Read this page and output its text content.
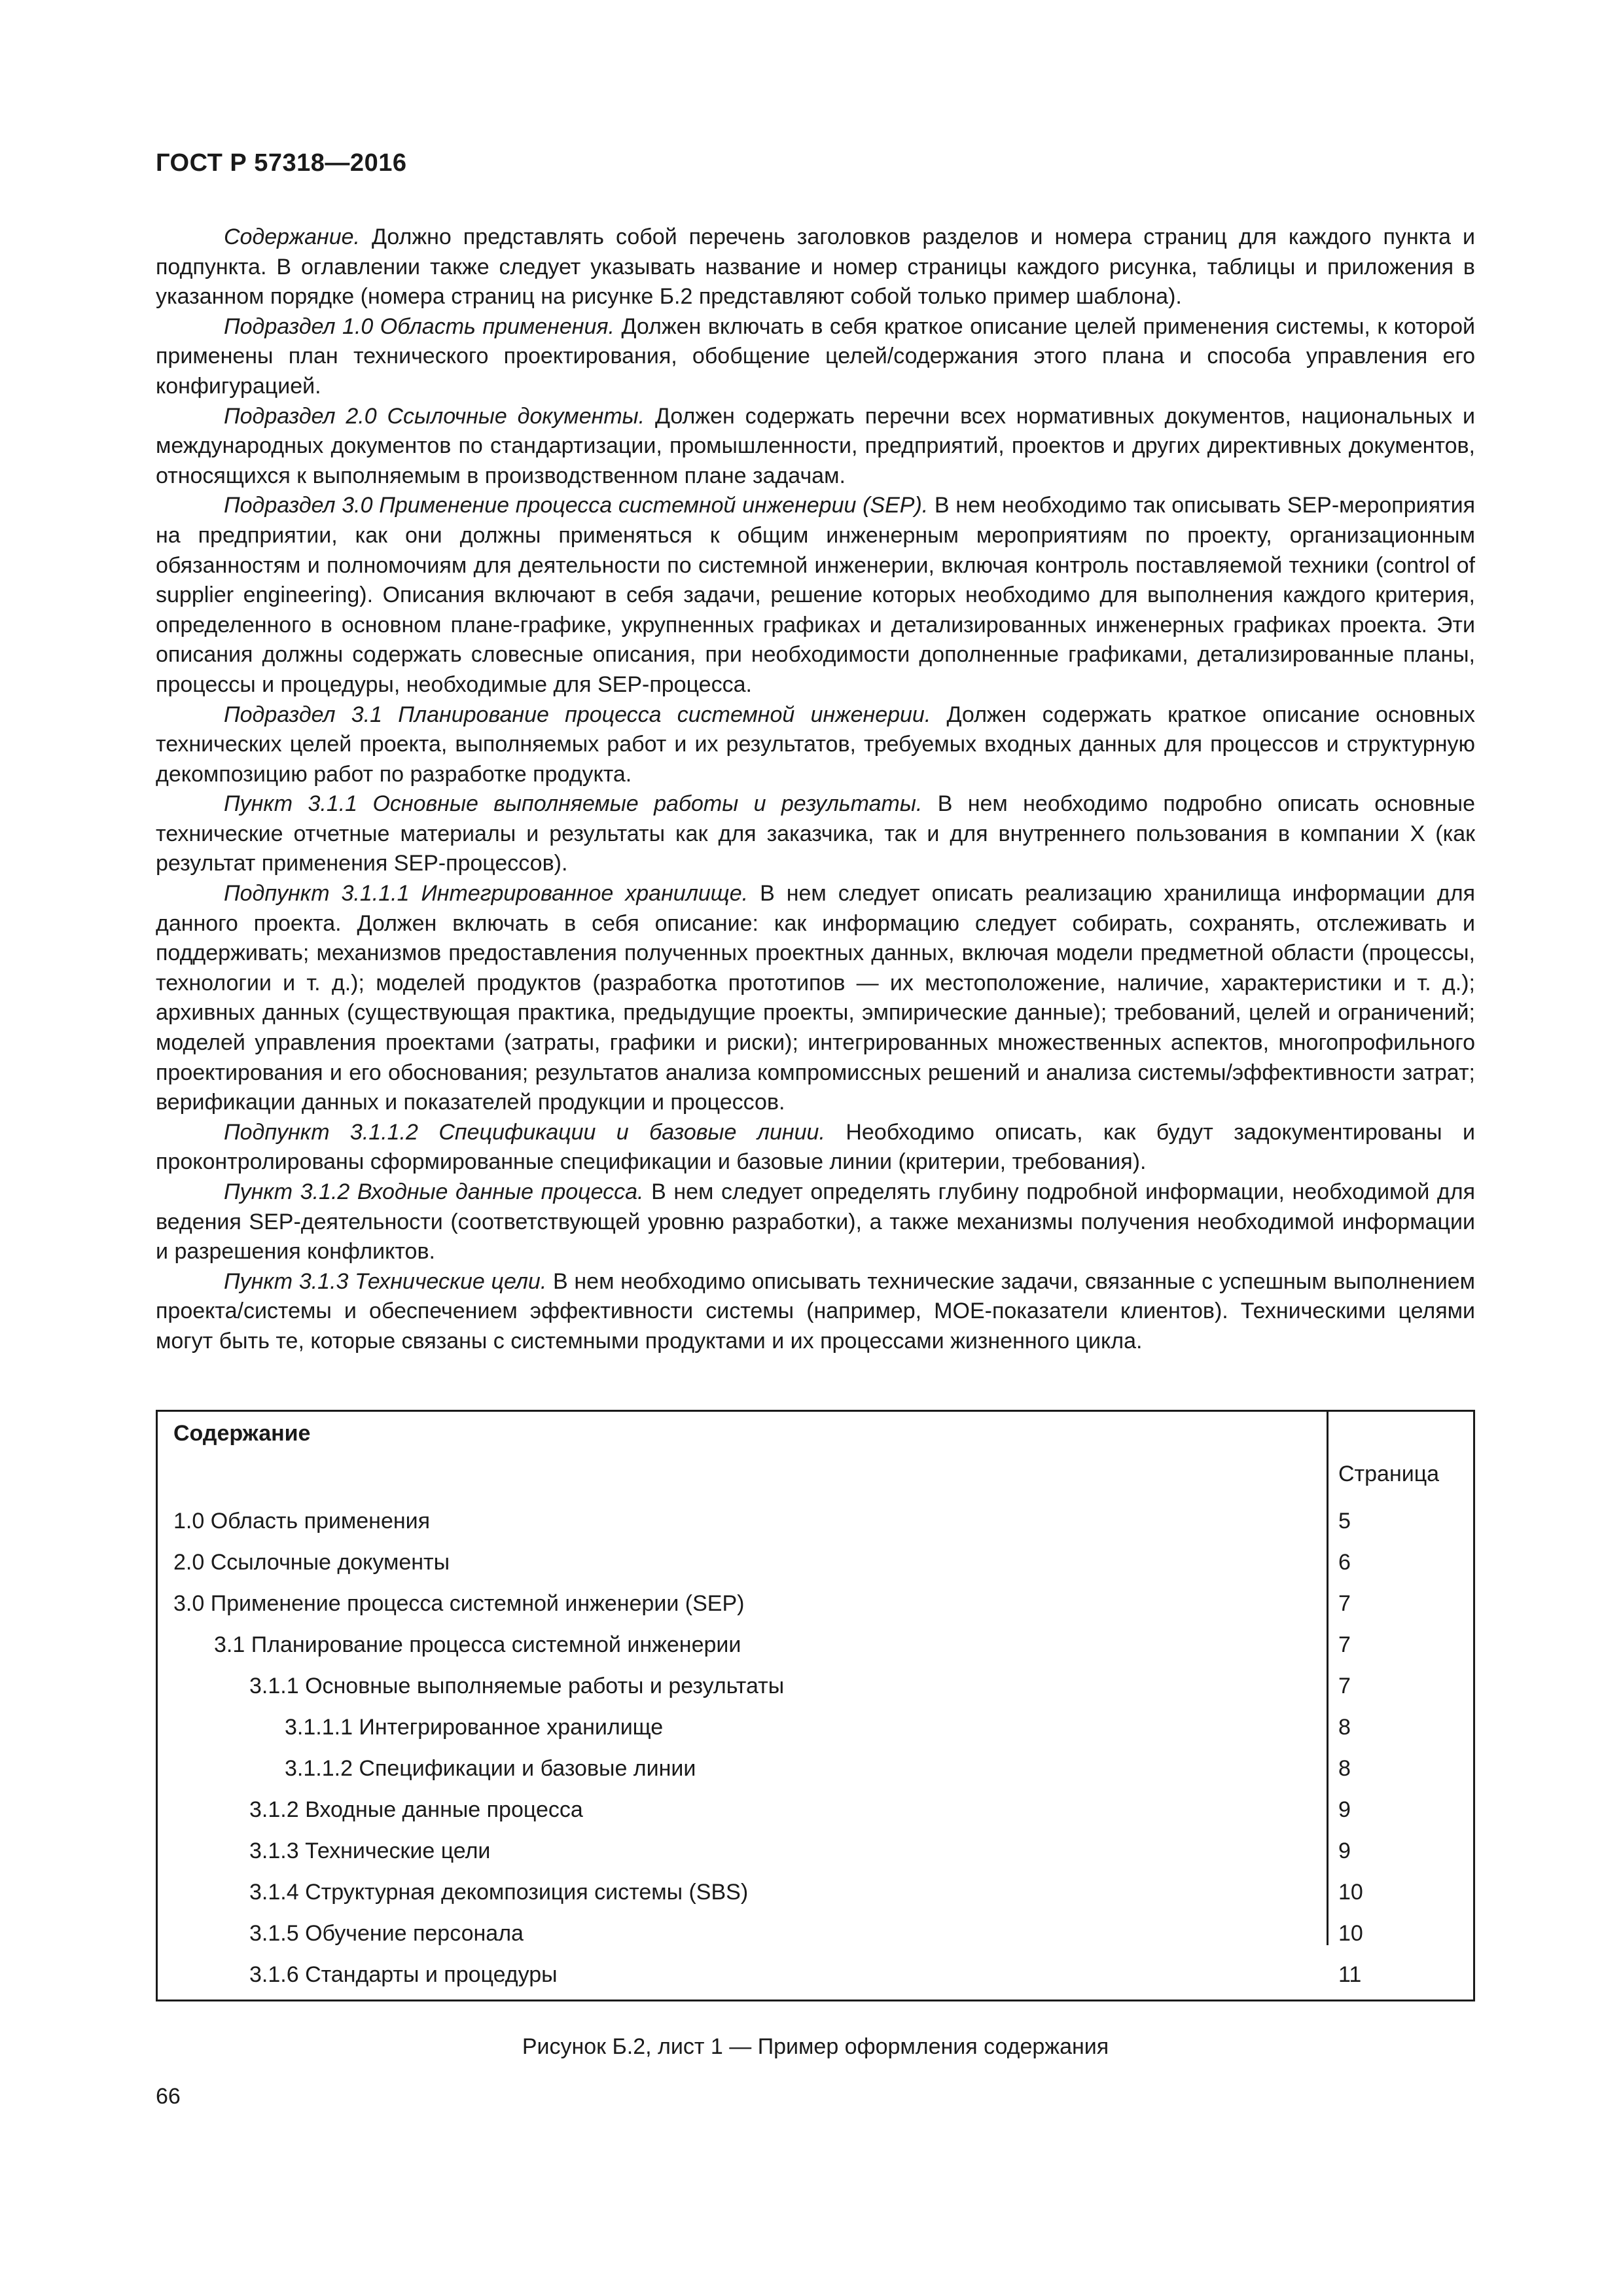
ГОСТ Р 57318—2016

Содержание. Должно представлять собой перечень заголовков разделов и номера страниц для каждого пункта и подпункта. В оглавлении также следует указывать название и номер страницы каждого рисунка, таблицы и приложения в указанном порядке (номера страниц на рисунке Б.2 представляют собой только пример шаблона).

Подраздел 1.0 Область применения. Должен включать в себя краткое описание целей применения системы, к которой применены план технического проектирования, обобщение целей/содержания этого плана и способа управления его конфигурацией.

Подраздел 2.0 Ссылочные документы. Должен содержать перечни всех нормативных документов, национальных и международных документов по стандартизации, промышленности, предприятий, проектов и других директивных документов, относящихся к выполняемым в производственном плане задачам.

Подраздел 3.0 Применение процесса системной инженерии (SEP). В нем необходимо так описывать SEP-мероприятия на предприятии, как они должны применяться к общим инженерным мероприятиям по проекту, организационным обязанностям и полномочиям для деятельности по системной инженерии, включая контроль поставляемой техники (control of supplier engineering). Описания включают в себя задачи, решение которых необходимо для выполнения каждого критерия, определенного в основном плане-графике, укрупненных графиках и детализированных инженерных графиках проекта. Эти описания должны содержать словесные описания, при необходимости дополненные графиками, детализированные планы, процессы и процедуры, необходимые для SEP-процесса.

Подраздел 3.1 Планирование процесса системной инженерии. Должен содержать краткое описание основных технических целей проекта, выполняемых работ и их результатов, требуемых входных данных для процессов и структурную декомпозицию работ по разработке продукта.

Пункт 3.1.1 Основные выполняемые работы и результаты. В нем необходимо подробно описать основные технические отчетные материалы и результаты как для заказчика, так и для внутреннего пользования в компании X (как результат применения SEP-процессов).

Подпункт 3.1.1.1 Интегрированное хранилище. В нем следует описать реализацию хранилища информации для данного проекта. Должен включать в себя описание: как информацию следует собирать, сохранять, отслеживать и поддерживать; механизмов предоставления полученных проектных данных, включая модели предметной области (процессы, технологии и т. д.); моделей продуктов (разработка прототипов — их местоположение, наличие, характеристики и т. д.); архивных данных (существующая практика, предыдущие проекты, эмпирические данные); требований, целей и ограничений; моделей управления проектами (затраты, графики и риски); интегрированных множественных аспектов, многопрофильного проектирования и его обоснования; результатов анализа компромиссных решений и анализа системы/эффективности затрат; верификации данных и показателей продукции и процессов.

Подпункт 3.1.1.2 Спецификации и базовые линии. Необходимо описать, как будут задокументированы и проконтролированы сформированные спецификации и базовые линии (критерии, требования).

Пункт 3.1.2 Входные данные процесса. В нем следует определять глубину подробной информации, необходимой для ведения SEP-деятельности (соответствующей уровню разработки), а также механизмы получения необходимой информации и разрешения конфликтов.

Пункт 3.1.3 Технические цели. В нем необходимо описывать технические задачи, связанные с успешным выполнением проекта/системы и обеспечением эффективности системы (например, МОЕ-показатели клиентов). Техническими целями могут быть те, которые связаны с системными продуктами и их процессами жизненного цикла.

Содержание
Страница
1.0 Область применения	5
2.0 Ссылочные документы	6
3.0 Применение процесса системной инженерии (SEP)	7
3.1 Планирование процесса системной инженерии	7
3.1.1 Основные выполняемые работы и результаты	7
3.1.1.1 Интегрированное хранилище	8
3.1.1.2 Спецификации и базовые линии	8
3.1.2 Входные данные процесса	9
3.1.3 Технические цели	9
3.1.4 Структурная декомпозиция системы (SBS)	10
3.1.5 Обучение персонала	10
3.1.6 Стандарты и процедуры	11
Рисунок Б.2, лист 1 — Пример оформления содержания
66
